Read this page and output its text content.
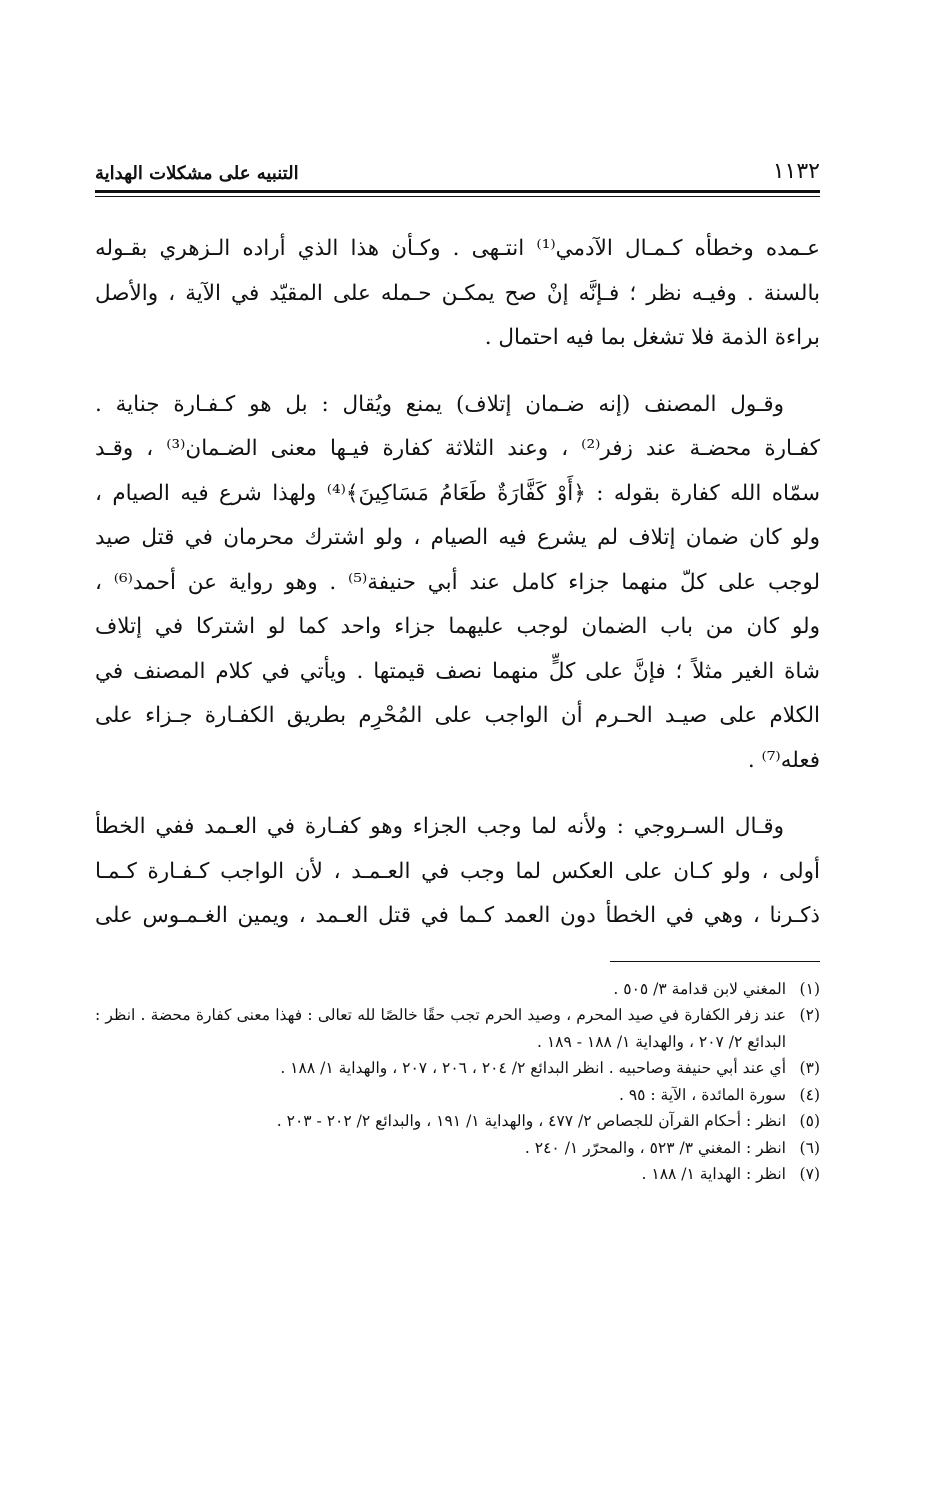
١١٣٢
التنبيه على مشكلات الهداية
عـمده وخطأه كـمـال الآدمي⁽¹⁾ انتـهى . وكـأن هذا الذي أراده الـزهري بقـوله
بالسنة . وفيـه نظر ؛ فـإنَّه إنْ صح يمكـن حـمله على المقيّد في الآية ، والأصل
براءة الذمة فلا تشغل بما فيه احتمال .
وقـول المصنف (إنه ضـمان إتلاف) يمنع ويُقال : بل هو كـفـارة جناية .
كفـارة محضـة عند زفر⁽²⁾ ، وعند الثلاثة كفارة فيـها معنى الضـمان⁽³⁾ ، وقـد
سمّاه الله كفارة بقوله : ﴿أَوْ كَفَّارَةٌ طَعَامُ مَسَاكِينَ﴾⁽⁴⁾ ولهذا شرع فيه الصيام ،
ولو كان ضمان إتلاف لم يشرع فيه الصيام ، ولو اشترك محرمان في قتل صيد
لوجب على كلّ منهما جزاء كامل عند أبي حنيفة⁽⁵⁾ . وهو رواية عن أحمد⁽⁶⁾ ،
ولو كان من باب الضمان لوجب عليهما جزاء واحد كما لو اشتركا في إتلاف
شاة الغير مثلاً ؛ فإنَّ على كلٍّ منهما نصف قيمتها . ويأتي في كلام المصنف في
الكلام على صيـد الحـرم أن الواجب على المُحْرِم بطريق الكفـارة جـزاء على
فعله⁽⁷⁾ .
وقـال السـروجي : ولأنه لما وجب الجزاء وهو كفـارة في العـمد ففي الخطأ
أولى ، ولو كـان على العكس لما وجب في العـمـد ، لأن الواجب كـفـارة كـمـا
ذكـرنا ، وهي في الخطأ دون العمد كـما في قتل العـمد ، ويمين الغـمـوس على
(١)
المغني لابن قدامة ٣/ ٥٠٥ .
(٢)
عند زفر الكفارة في صيد المحرم ، وصيد الحرم تجب حقًا خالصًا لله تعالى : فهذا معنى كفارة محضة . انظر : البدائع ٢/ ٢٠٧ ، والهداية ١/ ١٨٨ - ١٨٩ .
(٣)
أي عند أبي حنيفة وصاحبيه . انظر البدائع ٢/ ٢٠٤ ، ٢٠٦ ، ٢٠٧ ، والهداية ١/ ١٨٨ .
(٤)
سورة المائدة ، الآية : ٩٥ .
(٥)
انظر : أحكام القرآن للجصاص ٢/ ٤٧٧ ، والهداية ١/ ١٩١ ، والبدائع ٢/ ٢٠٢ - ٢٠٣ .
(٦)
انظر : المغني ٣/ ٥٢٣ ، والمحرّر ١/ ٢٤٠ .
(٧)
انظر : الهداية ١/ ١٨٨ .
